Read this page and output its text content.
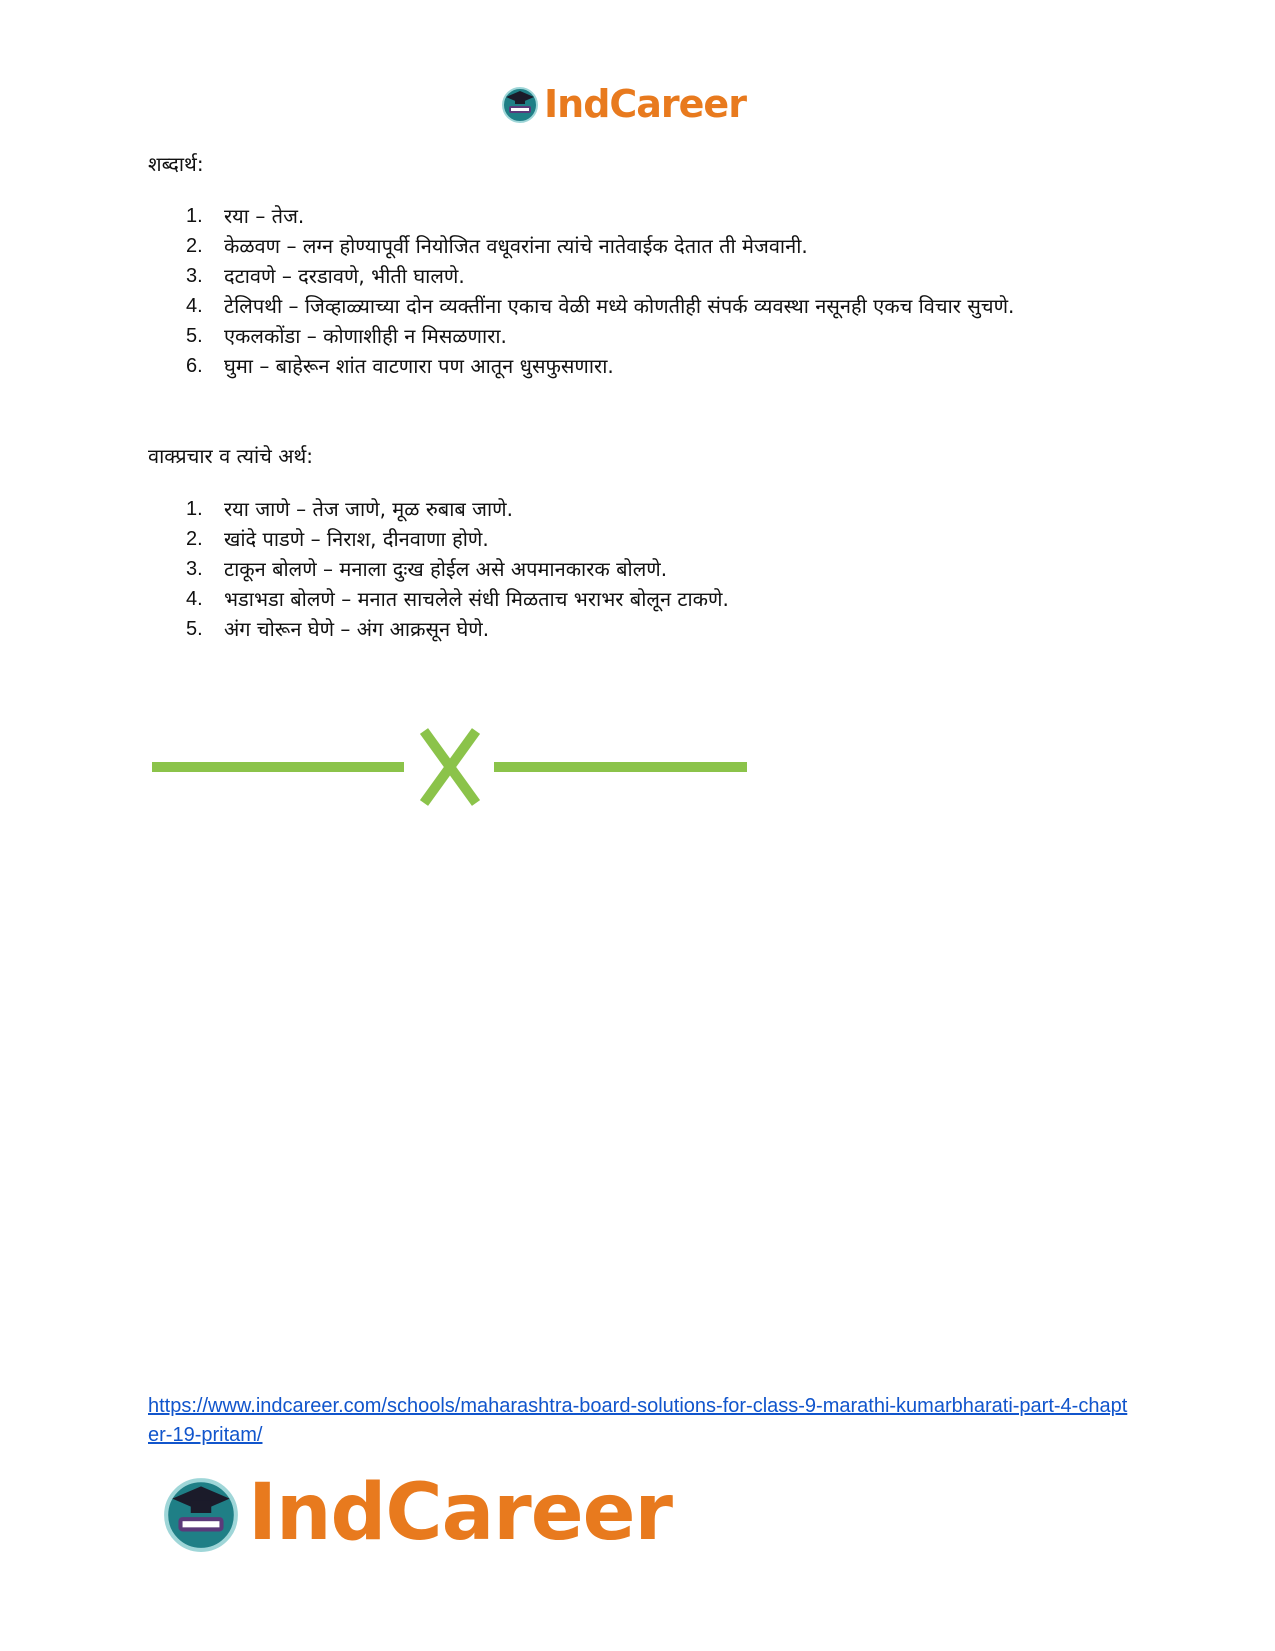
IndCareer
शब्दार्थ:
1.	रया – तेज.
2.	केळवण – लग्न होण्यापूर्वी नियोजित वधूवरांना त्यांचे नातेवाईक देतात ती मेजवानी.
3.	दटावणे – दरडावणे, भीती घालणे.
4.	टेलिपथी – जिव्हाळ्याच्या दोन व्यक्तींना एकाच वेळी मध्ये कोणतीही संपर्क व्यवस्था नसूनही एकच विचार सुचणे.
5.	एकलकोंडा – कोणाशीही न मिसळणारा.
6.	घुमा – बाहेरून शांत वाटणारा पण आतून धुसफुसणारा.
वाक्प्रचार व त्यांचे अर्थ:
1.	रया जाणे – तेज जाणे, मूळ रुबाब जाणे.
2.	खांदे पाडणे – निराश, दीनवाणा होणे.
3.	टाकून बोलणे – मनाला दुःख होईल असे अपमानकारक बोलणे.
4.	भडाभडा बोलणे – मनात साचलेले संधी मिळताच भराभर बोलून टाकणे.
5.	अंग चोरून घेणे – अंग आक्रसून घेणे.
https://www.indcareer.com/schools/maharashtra-board-solutions-for-class-9-marathi-kumarbharati-part-4-chapter-19-pritam/
IndCareer
